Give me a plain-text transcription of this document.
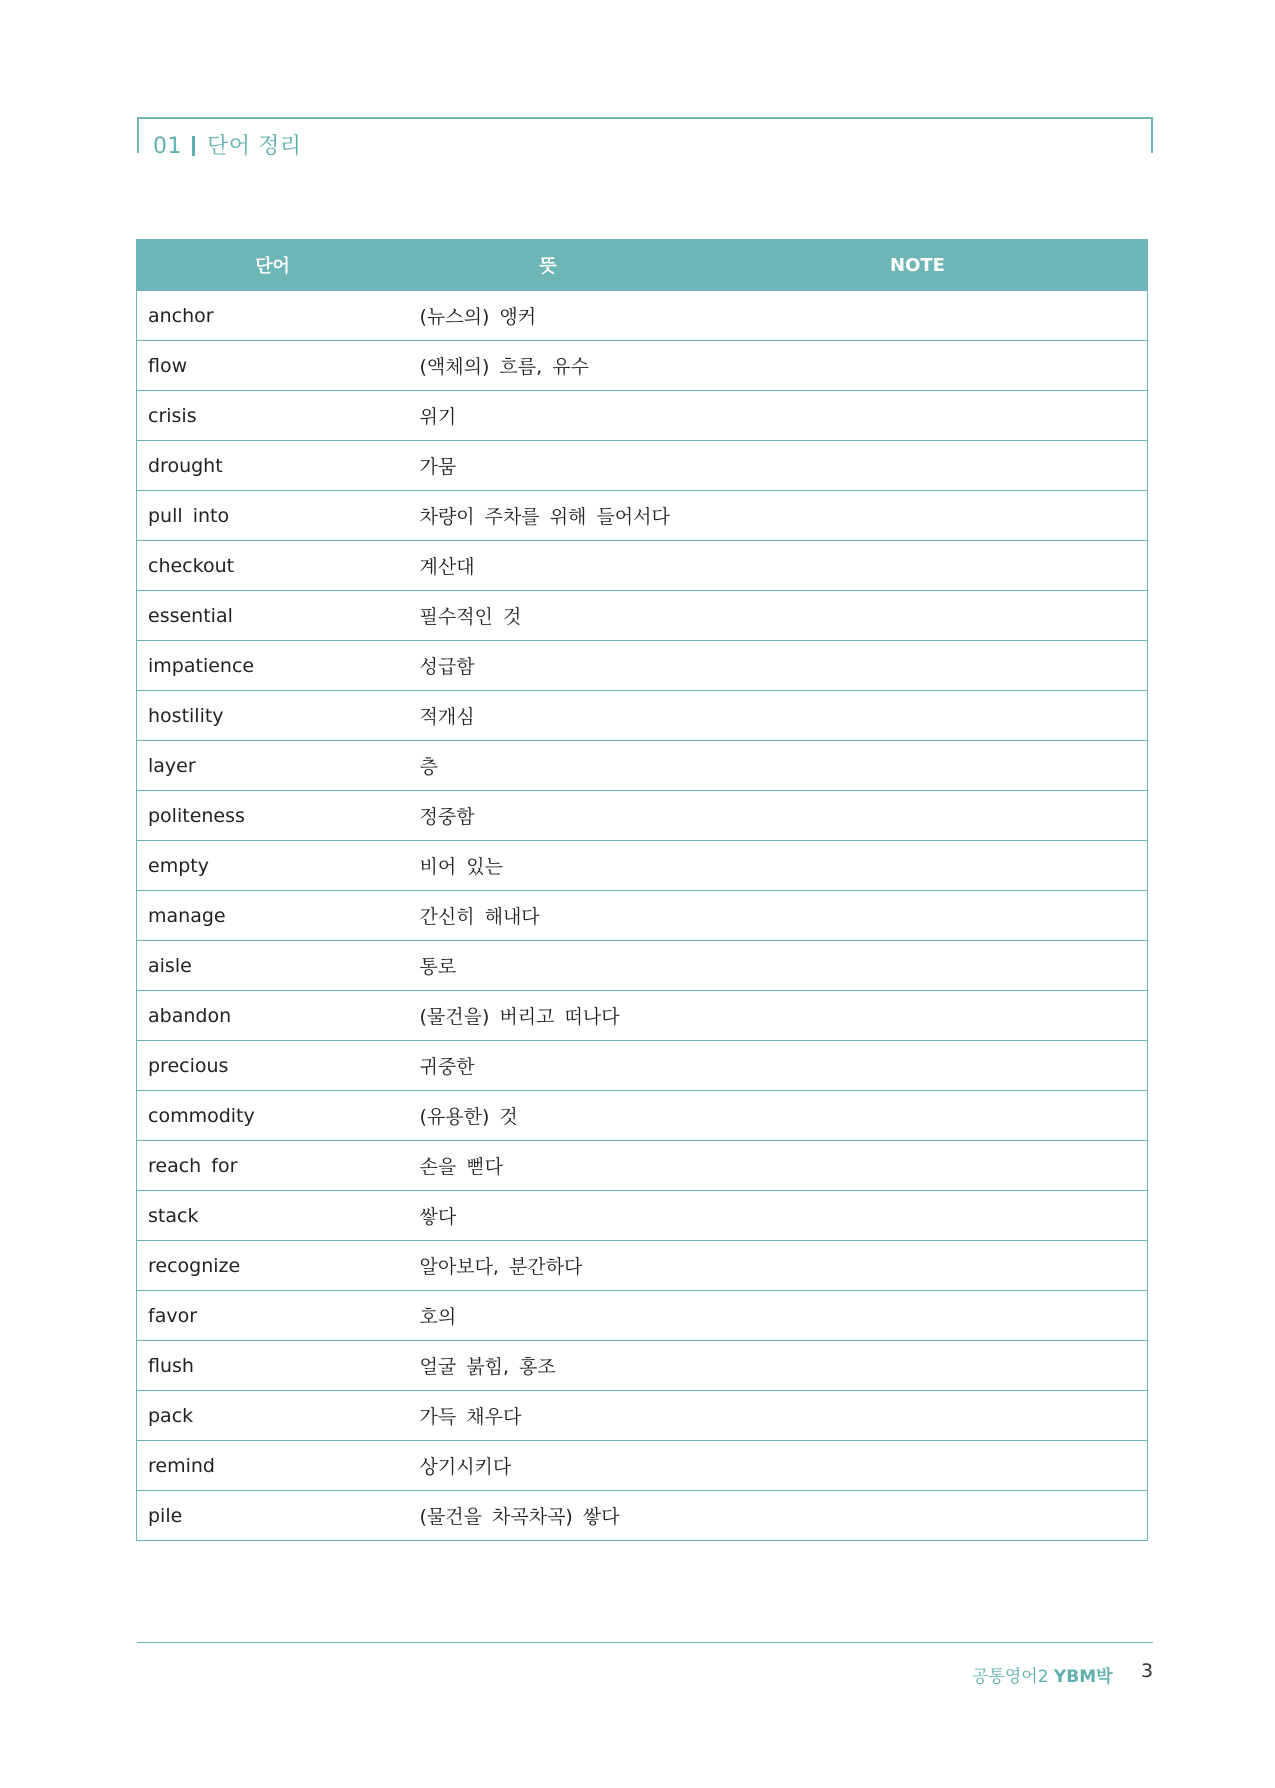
01 단어 정리
단어	뜻	NOTE
anchor	(뉴스의) 앵커	
flow	(액체의) 흐름, 유수	
crisis	위기	
drought	가뭄	
pull into	차량이 주차를 위해 들어서다	
checkout	계산대	
essential	필수적인 것	
impatience	성급함	
hostility	적개심	
layer	층	
politeness	정중함	
empty	비어 있는	
manage	간신히 해내다	
aisle	통로	
abandon	(물건을) 버리고 떠나다	
precious	귀중한	
commodity	(유용한) 것	
reach for	손을 뻗다	
stack	쌓다	
recognize	알아보다, 분간하다	
favor	호의	
flush	얼굴 붉힘, 홍조	
pack	가득 채우다	
remind	상기시키다	
pile	(물건을 차곡차곡) 쌓다	
공통영어2 YBM박 3
